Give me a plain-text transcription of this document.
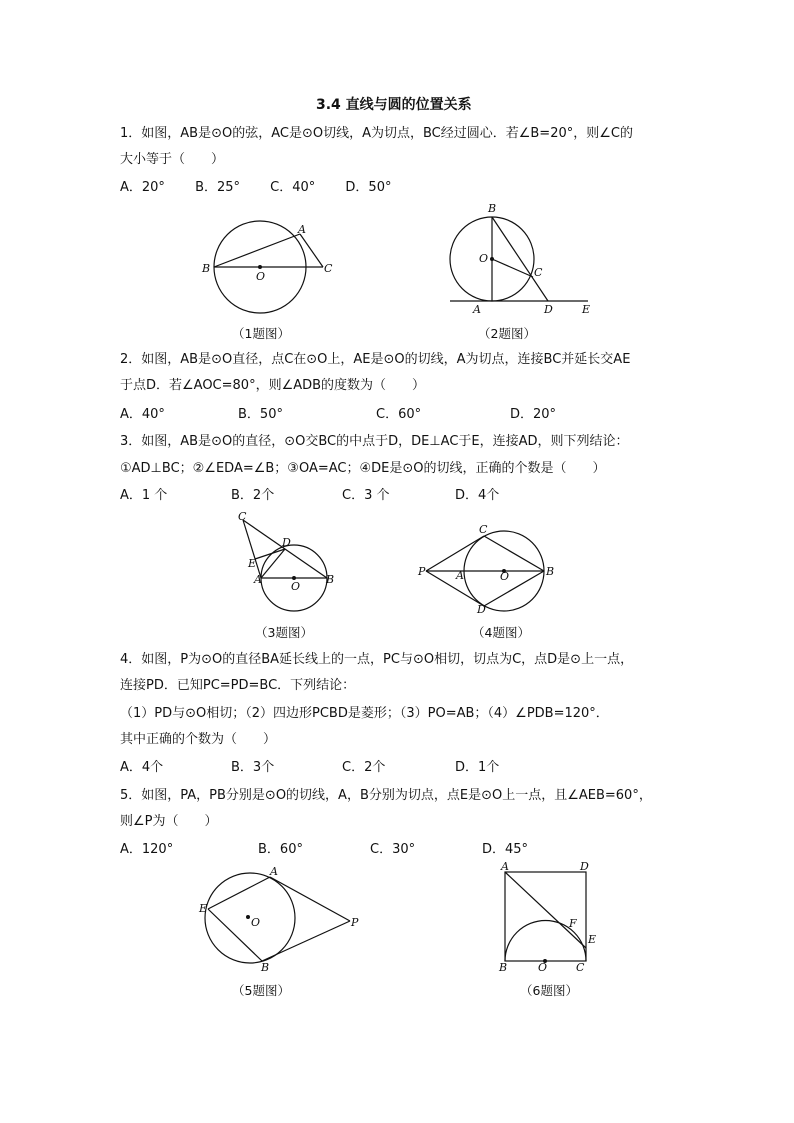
3.4 直线与圆的位置关系
1．如图，AB是⊙O的弦，AC是⊙O切线，A为切点，BC经过圆心．若∠B=20°，则∠C的
大小等于（　　）
A．20°　　 B．25°　　 C．40°　　 D．50°
A
B
O
C
（1题图）
B
O
C
A	D	E
（2题图）
2．如图，AB是⊙O直径，点C在⊙O上，AE是⊙O的切线，A为切点，连接BC并延长交AE
于点D．若∠AOC=80°，则∠ADB的度数为（　　）
A．40°	B．50°	C．60°	D．20°
3．如图，AB是⊙O的直径，⊙O交BC的中点于D，DE⊥AC于E，连接AD，则下列结论：
①AD⊥BC；②∠EDA=∠B；③OA=AC；④DE是⊙O的切线，正确的个数是（　　）
A．1 个	B．2个	C．3 个	D．4个
C
D
E
A
O
B
（3题图）
C
P	A	O	B
D
（4题图）
4．如图，P为⊙O的直径BA延长线上的一点，PC与⊙O相切，切点为C，点D是⊙上一点，
连接PD．已知PC=PD=BC．下列结论：
（1）PD与⊙O相切；（2）四边形PCBD是菱形；（3）PO=AB；（4）∠PDB=120°．
其中正确的个数为（　　）
A．4个	B．3个	C．2个	D．1个
5．如图，PA，PB分别是⊙O的切线，A，B分别为切点，点E是⊙O上一点，且∠AEB=60°，
则∠P为（　　）
A．120°	B．60°	C．30°	D．45°
A
E
O	P
B
（5题图）
A	D
F
E
B	O	C
（6题图）
